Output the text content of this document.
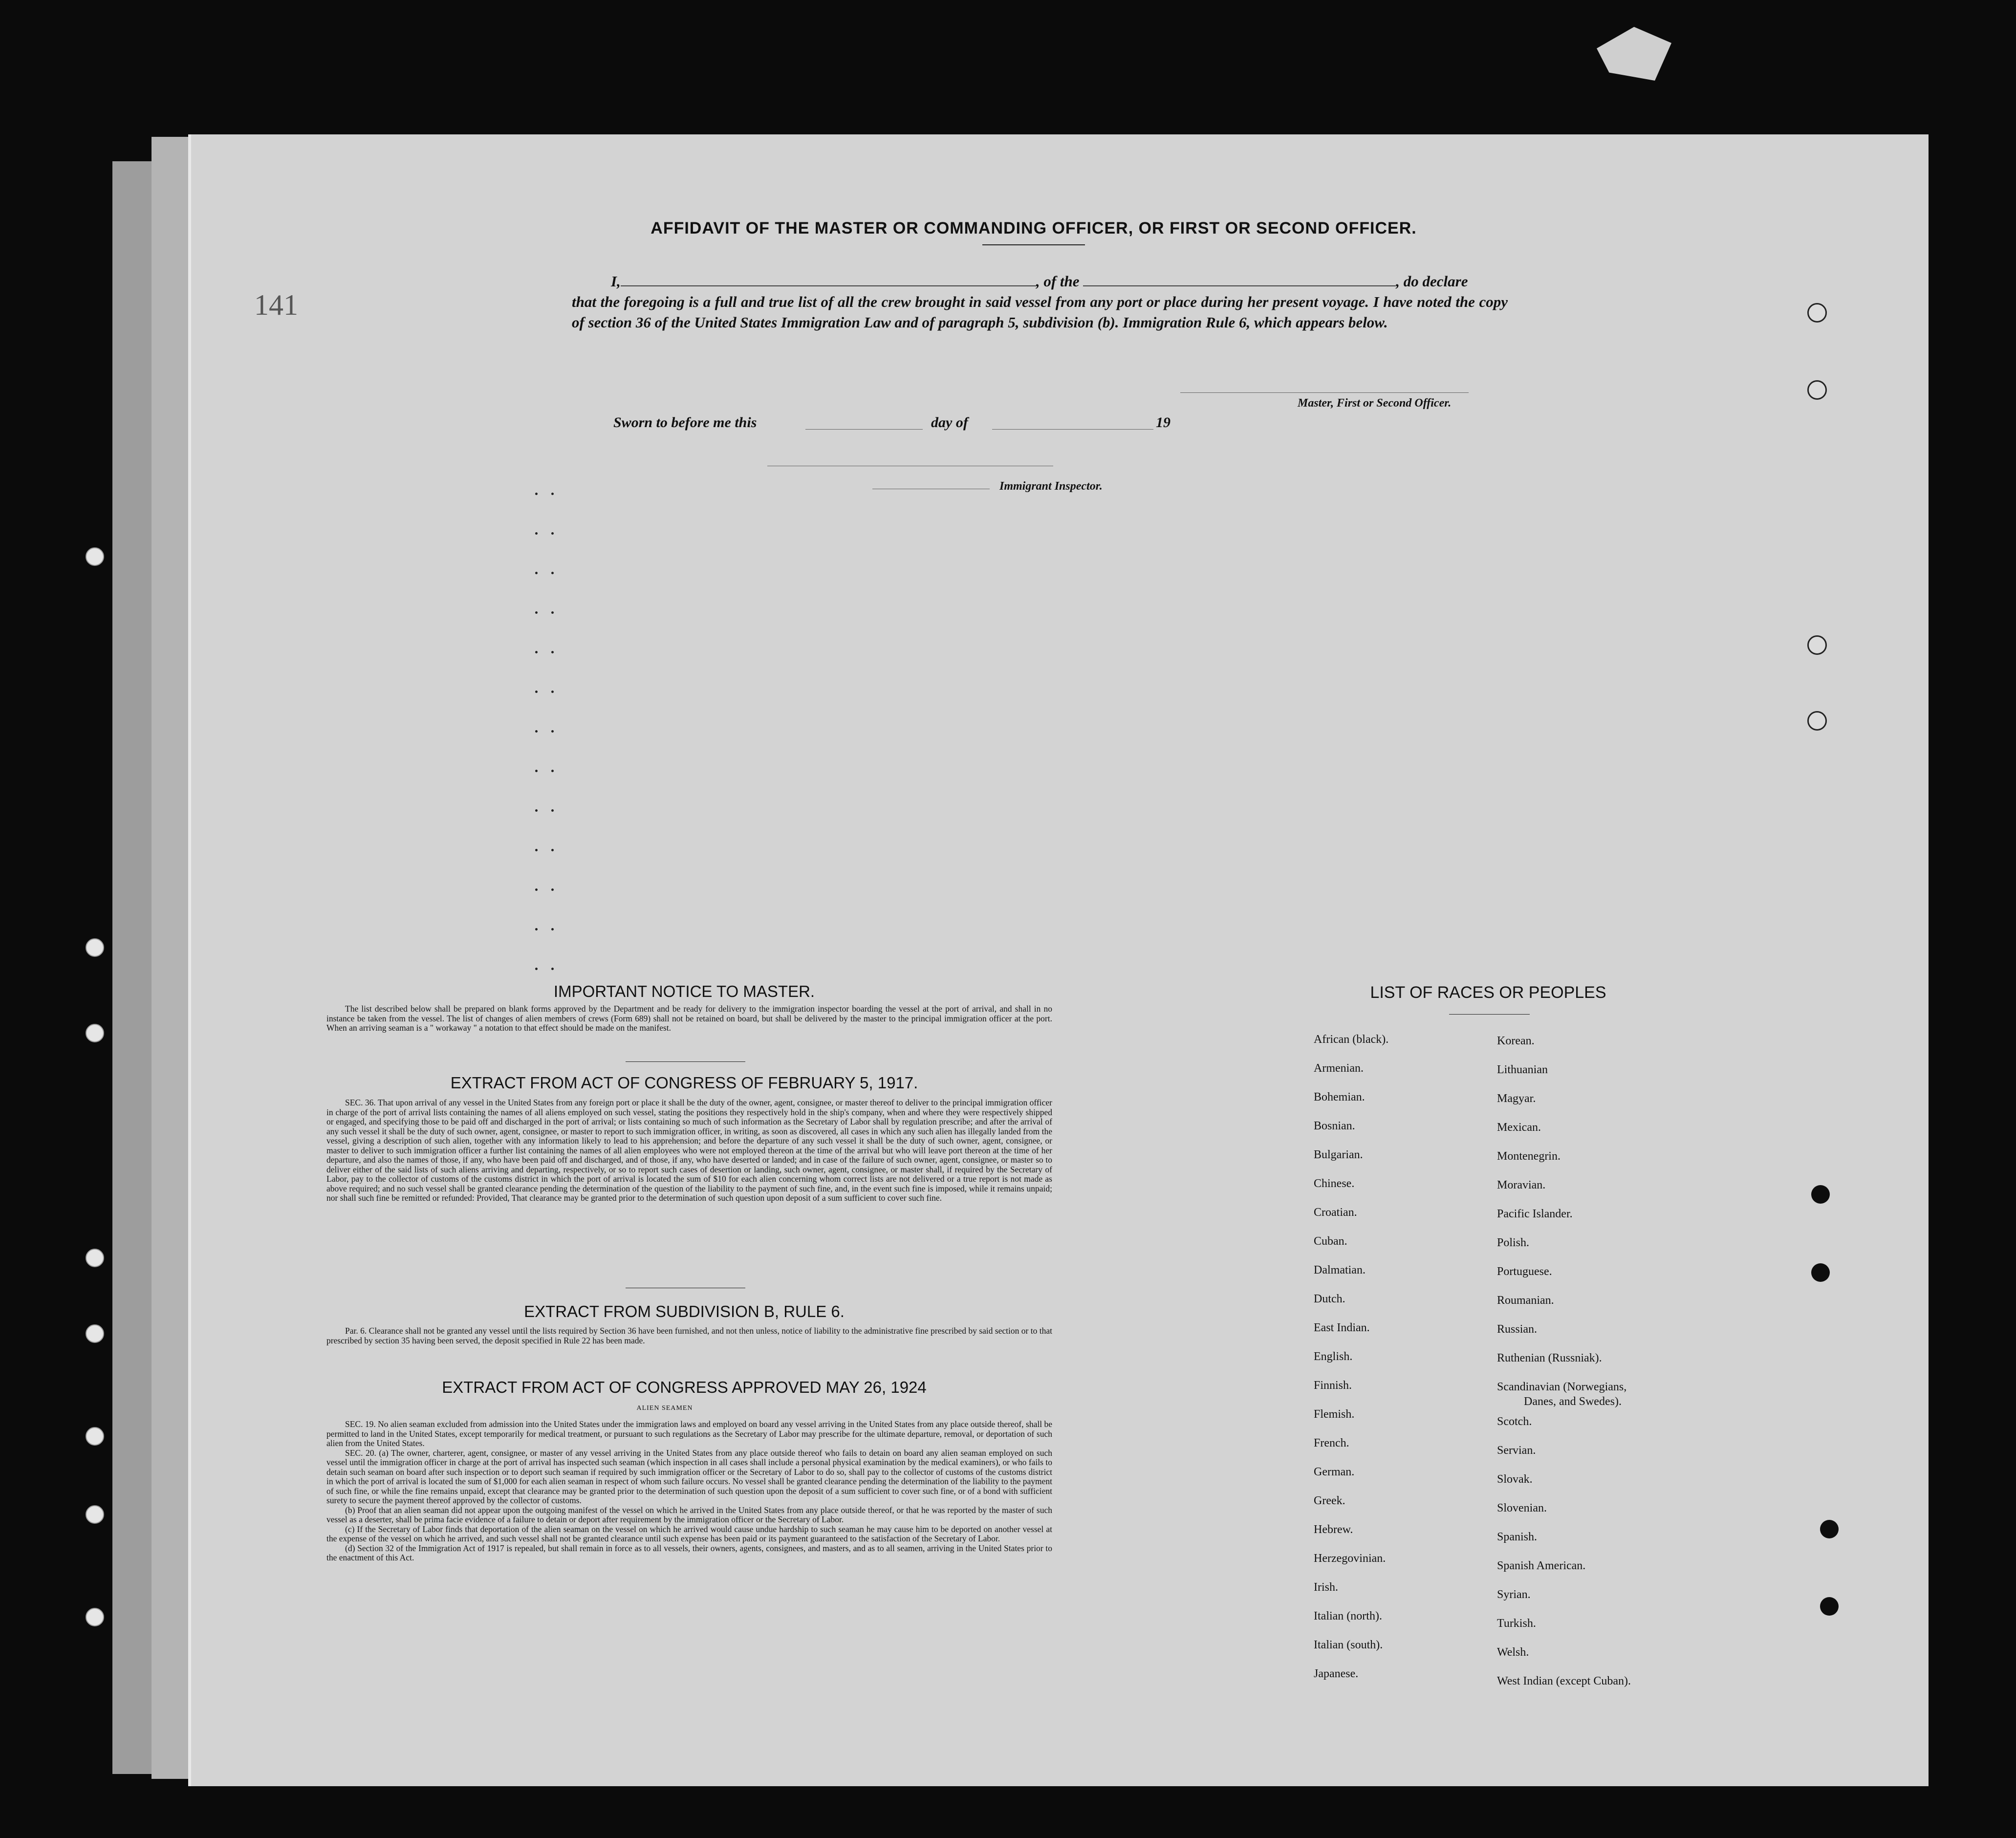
141
AFFIDAVIT OF THE MASTER OR COMMANDING OFFICER, OR FIRST OR SECOND OFFICER.
I,	, of the	, do declare
that the foregoing is a full and true list of all the crew brought in said vessel from any port or place during her present voyage. I have noted the copy of section 36 of the United States Immigration Law and of paragraph 5, subdivision (b). Immigration Rule 6, which appears below.
Master, First or Second Officer.
Sworn to before me this	day of	19
Immigrant Inspector.
IMPORTANT NOTICE TO MASTER.

The list described below shall be prepared on blank forms approved by the Department and be ready for delivery to the immigration inspector boarding the vessel at the port of arrival, and shall in no instance be taken from the vessel. The list of changes of alien members of crews (Form 689) shall not be retained on board, but shall be delivered by the master to the principal immigration officer at the port. When an arriving seaman is a " workaway " a notation to that effect should be made on the manifest.

EXTRACT FROM ACT OF CONGRESS OF FEBRUARY 5, 1917.

SEC. 36. That upon arrival of any vessel in the United States from any foreign port or place it shall be the duty of the owner, agent, consignee, or master thereof to deliver to the principal immigration officer in charge of the port of arrival lists containing the names of all aliens employed on such vessel, stating the positions they respectively hold in the ship's company, when and where they were respectively shipped or engaged, and specifying those to be paid off and discharged in the port of arrival; or lists containing so much of such information as the Secretary of Labor shall by regulation prescribe; and after the arrival of any such vessel it shall be the duty of such owner, agent, consignee, or master to report to such immigration officer, in writing, as soon as discovered, all cases in which any such alien has illegally landed from the vessel, giving a description of such alien, together with any information likely to lead to his apprehension; and before the departure of any such vessel it shall be the duty of such owner, agent, consignee, or master to deliver to such immigration officer a further list containing the names of all alien employees who were not employed thereon at the time of the arrival but who will leave port thereon at the time of her departure, and also the names of those, if any, who have been paid off and discharged, and of those, if any, who have deserted or landed; and in case of the failure of such owner, agent, consignee, or master so to deliver either of the said lists of such aliens arriving and departing, respectively, or so to report such cases of desertion or landing, such owner, agent, consignee, or master shall, if required by the Secretary of Labor, pay to the collector of customs of the customs district in which the port of arrival is located the sum of $10 for each alien concerning whom correct lists are not delivered or a true report is not made as above required; and no such vessel shall be granted clearance pending the determination of the question of the liability to the payment of such fine, and, in the event such fine is imposed, while it remains unpaid; nor shall such fine be remitted or refunded: Provided, That clearance may be granted prior to the determination of such question upon deposit of a sum sufficient to cover such fine.

EXTRACT FROM SUBDIVISION B, RULE 6.

Par. 6. Clearance shall not be granted any vessel until the lists required by Section 36 have been furnished, and not then unless, notice of liability to the administrative fine prescribed by said section or to that prescribed by section 35 having been served, the deposit specified in Rule 22 has been made.

EXTRACT FROM ACT OF CONGRESS APPROVED MAY 26, 1924
ALIEN SEAMEN

SEC. 19. No alien seaman excluded from admission into the United States under the immigration laws and employed on board any vessel arriving in the United States from any place outside thereof, shall be permitted to land in the United States, except temporarily for medical treatment, or pursuant to such regulations as the Secretary of Labor may prescribe for the ultimate departure, removal, or deportation of such alien from the United States.

SEC. 20. (a) The owner, charterer, agent, consignee, or master of any vessel arriving in the United States from any place outside thereof who fails to detain on board any alien seaman employed on such vessel until the immigration officer in charge at the port of arrival has inspected such seaman (which inspection in all cases shall include a personal physical examination by the medical examiners), or who fails to detain such seaman on board after such inspection or to deport such seaman if required by such immigration officer or the Secretary of Labor to do so, shall pay to the collector of customs of the customs district in which the port of arrival is located the sum of $1,000 for each alien seaman in respect of whom such failure occurs. No vessel shall be granted clearance pending the determination of the liability to the payment of such fine, or while the fine remains unpaid, except that clearance may be granted prior to the determination of such question upon the deposit of a sum sufficient to cover such fine, or of a bond with sufficient surety to secure the payment thereof approved by the collector of customs.

(b) Proof that an alien seaman did not appear upon the outgoing manifest of the vessel on which he arrived in the United States from any place outside thereof, or that he was reported by the master of such vessel as a deserter, shall be prima facie evidence of a failure to detain or deport after requirement by the immigration officer or the Secretary of Labor.

(c) If the Secretary of Labor finds that deportation of the alien seaman on the vessel on which he arrived would cause undue hardship to such seaman he may cause him to be deported on another vessel at the expense of the vessel on which he arrived, and such vessel shall not be granted clearance until such expense has been paid or its payment guaranteed to the satisfaction of the Secretary of Labor.

(d) Section 32 of the Immigration Act of 1917 is repealed, but shall remain in force as to all vessels, their owners, agents, consignees, and masters, and as to all seamen, arriving in the United States prior to the enactment of this Act.

LIST OF RACES OR PEOPLES
African (black).
Armenian.
Bohemian.
Bosnian.
Bulgarian.
Chinese.
Croatian.
Cuban.
Dalmatian.
Dutch.
East Indian.
English.
Finnish.
Flemish.
French.
German.
Greek.
Hebrew.
Herzegovinian.
Irish.
Italian (north).
Italian (south).
Japanese.
Korean.
Lithuanian
Magyar.
Mexican.
Montenegrin.
Moravian.
Pacific Islander.
Polish.
Portuguese.
Roumanian.
Russian.
Ruthenian (Russniak).
Scandinavian (Norwegians,
Danes, and Swedes).
Scotch.
Servian.
Slovak.
Slovenian.
Spanish.
Spanish American.
Syrian.
Turkish.
Welsh.
West Indian (except Cuban).
